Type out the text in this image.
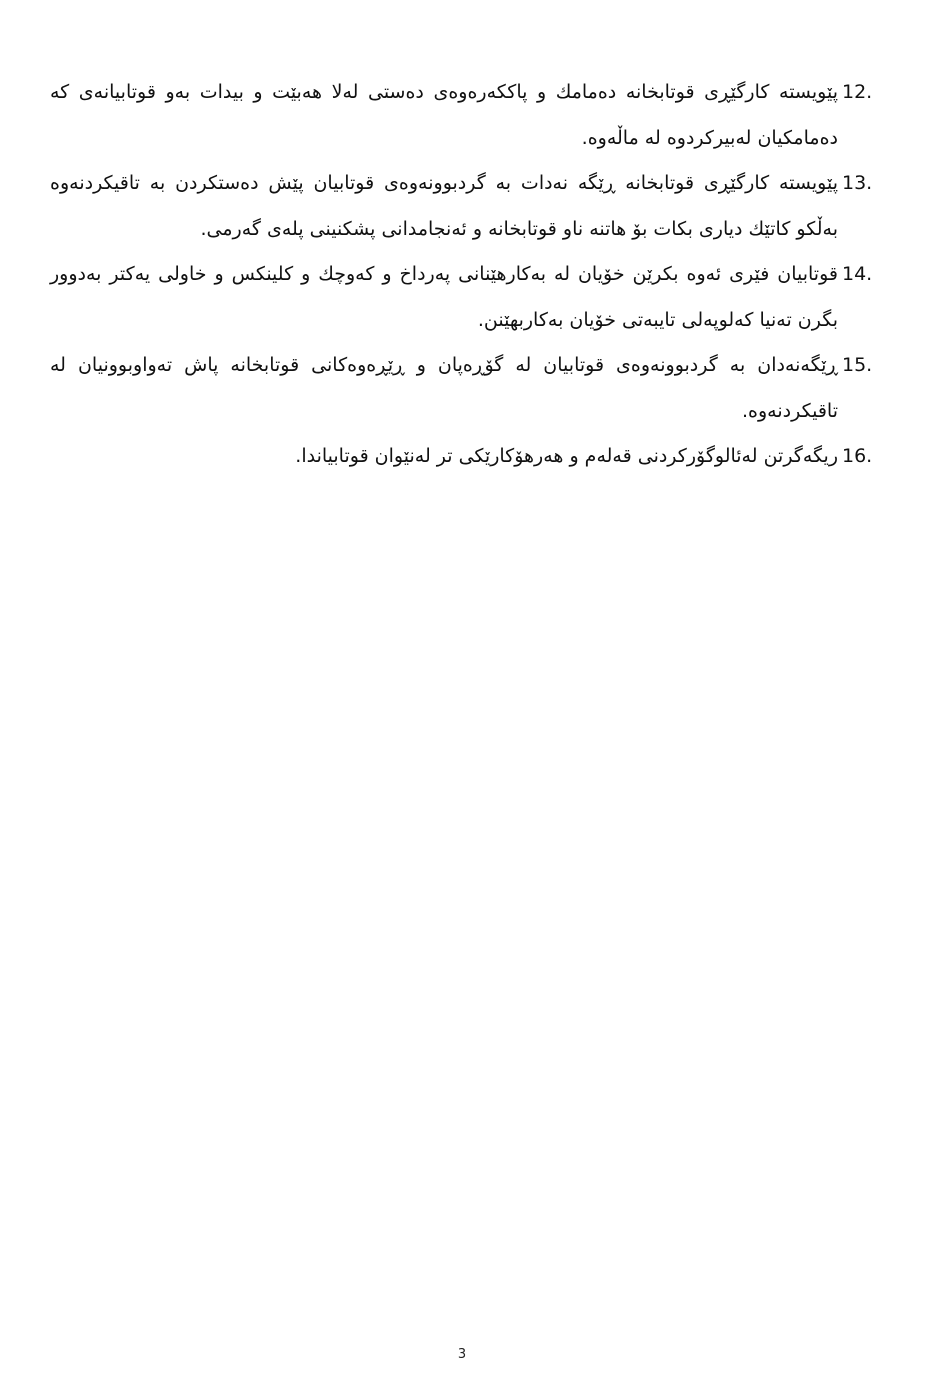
پێویستە کارگێڕی قوتابخانە دەمامك و پاککەرەوەی دەستی لەلا هەبێت و بیدات بەو قوتابیانەی کە دەمامکیان لەبیرکردوە لە ماڵەوە.

12.

پێویستە کارگێڕی قوتابخانە ڕێگە نەدات بە گردبوونەوەی قوتابیان پێش دەستکردن بە تاقیکردنەوە بەڵکو کاتێك دیاری بکات بۆ هاتنە ناو قوتابخانە و ئەنجامدانی پشکنینی پلەی گەرمی.

13.

قوتابیان فێری ئەوە بکرێن خۆیان لە بەکارهێنانی پەرداخ و کەوچك و کلینکس و خاولی یەکتر بەدوور بگرن تەنیا کەلوپەلی تایبەتی خۆیان بەکاربهێنن.

14.

ڕێگەنەدان بە گردبوونەوەی قوتابیان لە گۆڕەپان و ڕێڕەوەکانی قوتابخانە پاش تەواوبوونیان لە تاقیکردنەوە.

15.

ریگەگرتن لەئالوگۆرکردنی قەلەم و هەرهۆکارێکی تر لەنێوان قوتابیاندا. 16.
3
